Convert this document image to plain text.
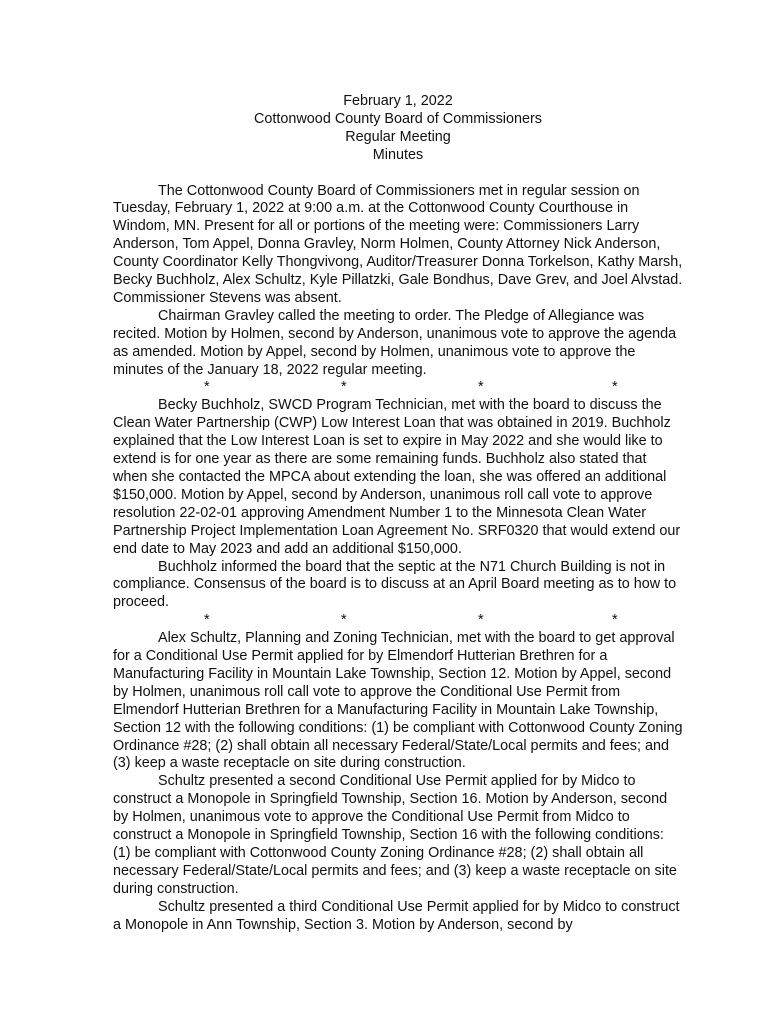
February 1, 2022
Cottonwood County Board of Commissioners
Regular Meeting
Minutes

The Cottonwood County Board of Commissioners met in regular session on Tuesday, February 1, 2022 at 9:00 a.m. at the Cottonwood County Courthouse in Windom, MN. Present for all or portions of the meeting were: Commissioners Larry Anderson, Tom Appel, Donna Gravley, Norm Holmen, County Attorney Nick Anderson, County Coordinator Kelly Thongvivong, Auditor/Treasurer Donna Torkelson, Kathy Marsh, Becky Buchholz, Alex Schultz, Kyle Pillatzki, Gale Bondhus, Dave Grev, and Joel Alvstad. Commissioner Stevens was absent.

Chairman Gravley called the meeting to order. The Pledge of Allegiance was recited. Motion by Holmen, second by Anderson, unanimous vote to approve the agenda as amended. Motion by Appel, second by Holmen, unanimous vote to approve the minutes of the January 18, 2022 regular meeting.

*	*	*	*

Becky Buchholz, SWCD Program Technician, met with the board to discuss the Clean Water Partnership (CWP) Low Interest Loan that was obtained in 2019. Buchholz explained that the Low Interest Loan is set to expire in May 2022 and she would like to extend is for one year as there are some remaining funds. Buchholz also stated that when she contacted the MPCA about extending the loan, she was offered an additional $150,000. Motion by Appel, second by Anderson, unanimous roll call vote to approve resolution 22-02-01 approving Amendment Number 1 to the Minnesota Clean Water Partnership Project Implementation Loan Agreement No. SRF0320 that would extend our end date to May 2023 and add an additional $150,000.

Buchholz informed the board that the septic at the N71 Church Building is not in compliance. Consensus of the board is to discuss at an April Board meeting as to how to proceed.

*	*	*	*

Alex Schultz, Planning and Zoning Technician, met with the board to get approval for a Conditional Use Permit applied for by Elmendorf Hutterian Brethren for a Manufacturing Facility in Mountain Lake Township, Section 12. Motion by Appel, second by Holmen, unanimous roll call vote to approve the Conditional Use Permit from Elmendorf Hutterian Brethren for a Manufacturing Facility in Mountain Lake Township, Section 12 with the following conditions: (1) be compliant with Cottonwood County Zoning Ordinance #28; (2) shall obtain all necessary Federal/State/Local permits and fees; and (3) keep a waste receptacle on site during construction.

Schultz presented a second Conditional Use Permit applied for by Midco to construct a Monopole in Springfield Township, Section 16. Motion by Anderson, second by Holmen, unanimous vote to approve the Conditional Use Permit from Midco to construct a Monopole in Springfield Township, Section 16 with the following conditions: (1) be compliant with Cottonwood County Zoning Ordinance #28; (2) shall obtain all necessary Federal/State/Local permits and fees; and (3) keep a waste receptacle on site during construction.

Schultz presented a third Conditional Use Permit applied for by Midco to construct a Monopole in Ann Township, Section 3. Motion by Anderson, second by
